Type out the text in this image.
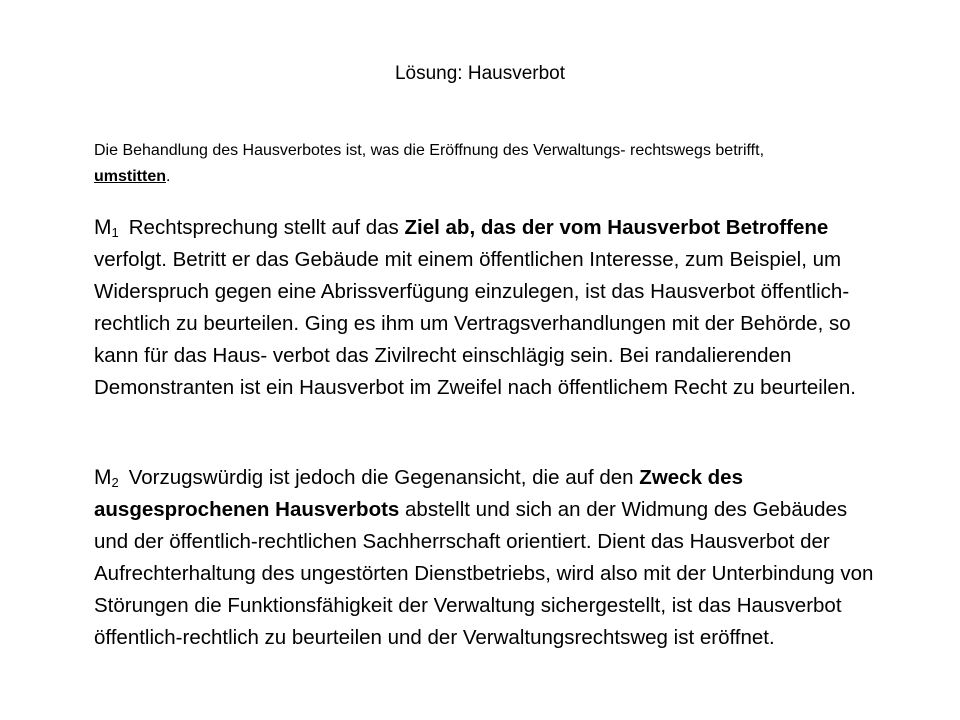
Lösung: Hausverbot
Die Behandlung des Hausverbotes ist, was die Eröffnung des Verwaltungs- rechtswegs betrifft, umstitten.
$M_1$ Rechtsprechung stellt auf das Ziel ab, das der vom Hausverbot Betroffene verfolgt. Betritt er das Gebäude mit einem öffentlichen Interesse, zum Beispiel, um Widerspruch gegen eine Abrissverfügung einzulegen, ist das Hausverbot öffentlich-rechtlich zu beurteilen. Ging es ihm um Vertragsverhandlungen mit der Behörde, so kann für das Haus- verbot das Zivilrecht einschlägig sein. Bei randalierenden Demonstranten ist ein Hausverbot im Zweifel nach öffentlichem Recht zu beurteilen.
$M_2$ Vorzugswürdig ist jedoch die Gegenansicht, die auf den Zweck des ausgesprochenen Hausverbots abstellt und sich an der Widmung des Gebäudes und der öffentlich-rechtlichen Sachherrschaft orientiert. Dient das Hausverbot der Aufrechterhaltung des ungestörten Dienstbetriebs, wird also mit der Unterbindung von Störungen die Funktionsfähigkeit der Verwaltung sichergestellt, ist das Hausverbot öffentlich-rechtlich zu beurteilen und der Verwaltungsrechtsweg ist eröffnet.
